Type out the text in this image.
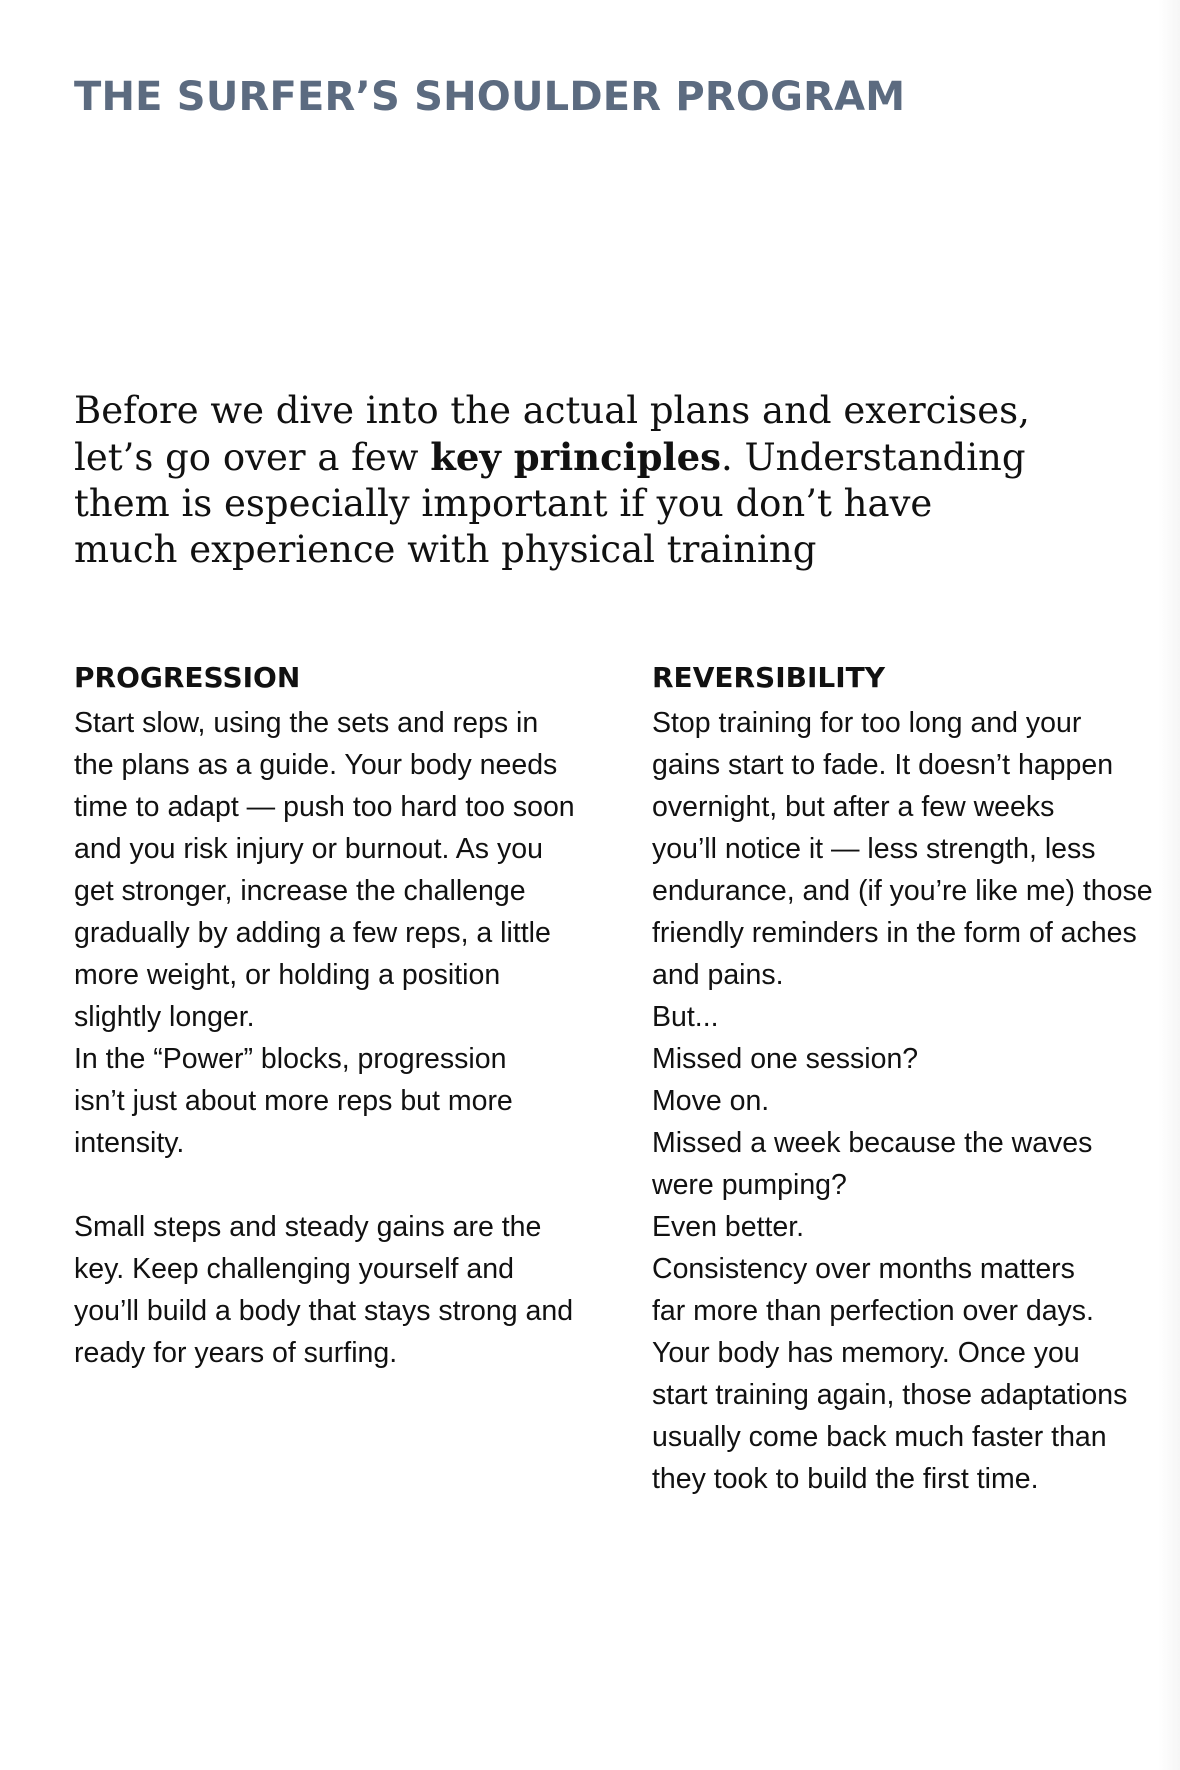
THE SURFER’S SHOULDER PROGRAM

Before we dive into the actual plans and exercises,
let’s go over a few key principles. Understanding
them is especially important if you don’t have
much experience with physical training

PROGRESSION
Start slow, using the sets and reps in
the plans as a guide. Your body needs
time to adapt — push too hard too soon
and you risk injury or burnout. As you
get stronger, increase the challenge
gradually by adding a few reps, a little
more weight, or holding a position
slightly longer.
In the “Power” blocks, progression
isn’t just about more reps but more
intensity.
Small steps and steady gains are the
key. Keep challenging yourself and
you’ll build a body that stays strong and
ready for years of surfing.
REVERSIBILITY
Stop training for too long and your
gains start to fade. It doesn’t happen
overnight, but after a few weeks
you’ll notice it — less strength, less
endurance, and (if you’re like me) those
friendly reminders in the form of aches
and pains.
But...
Missed one session?
Move on.
Missed a week because the waves
were pumping?
Even better.
Consistency over months matters
far more than perfection over days.
Your body has memory. Once you
start training again, those adaptations
usually come back much faster than
they took to build the first time.
